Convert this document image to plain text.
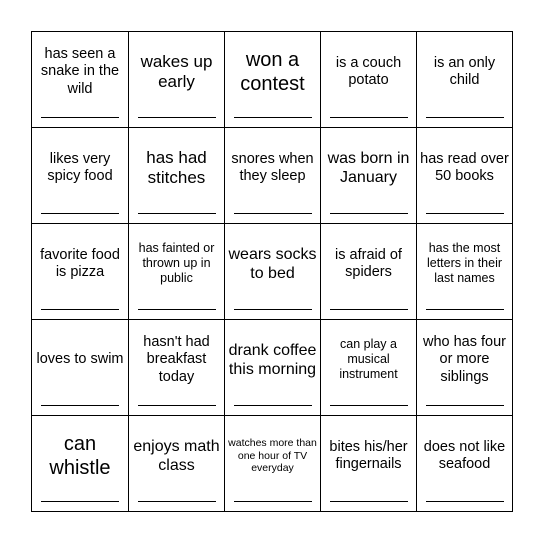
has seen a snake in the wild
wakes up early
won a contest
is a couch potato
is an only child
likes very spicy food
has had stitches
snores when they sleep
was born in January
has read over 50 books
favorite food is pizza
has fainted or thrown up in public
wears socks to bed
is afraid of spiders
has the most letters in their last names
loves to swim
hasn't had breakfast today
drank coffee this morning
can play a musical instrument
who has four or more siblings
can whistle
enjoys math class
watches more than one hour of TV everyday
bites his/her fingernails
does not like seafood
